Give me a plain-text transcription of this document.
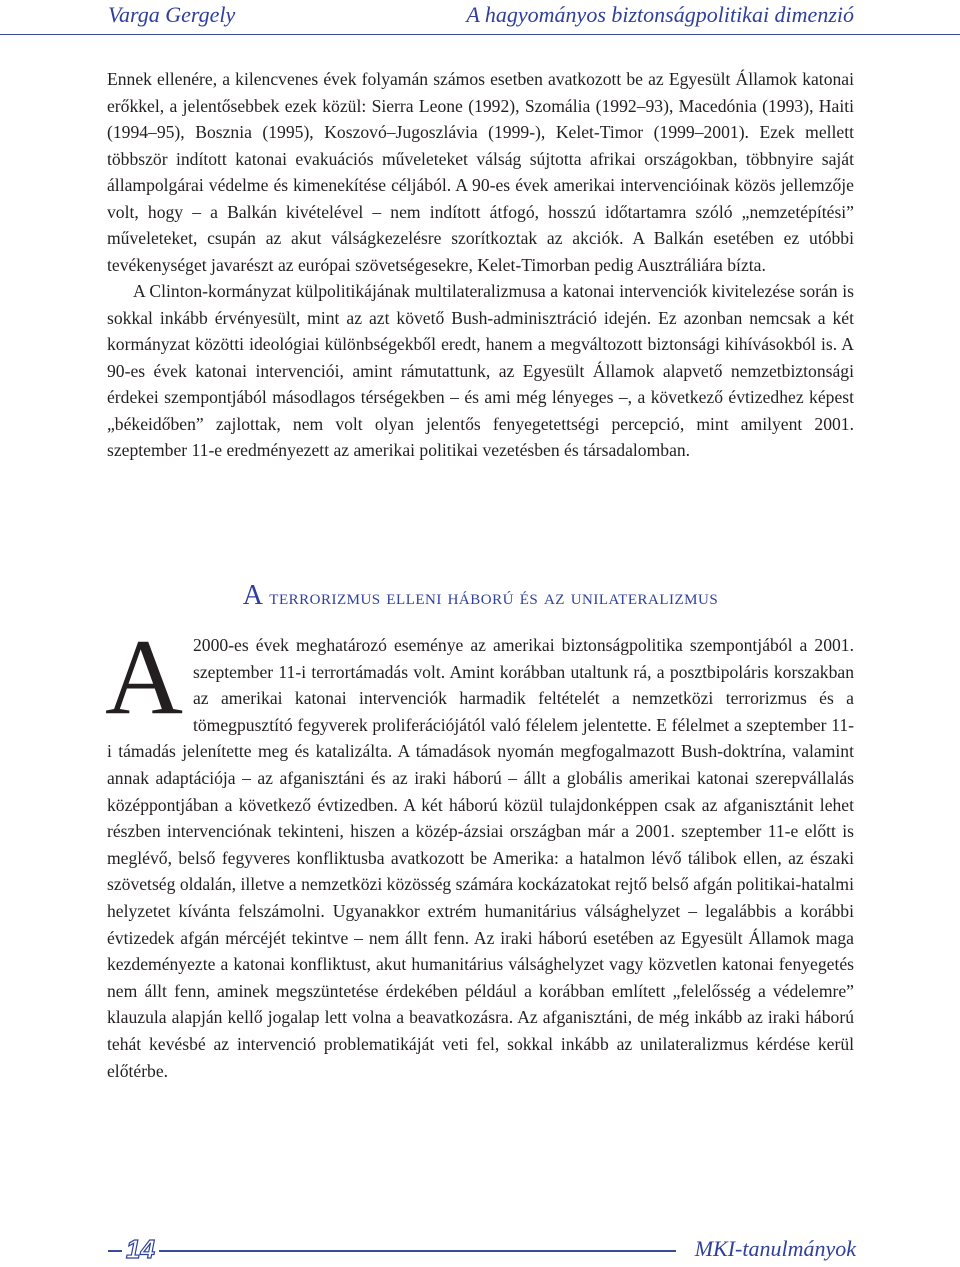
Varga Gergely	A hagyományos biztonságpolitikai dimenzió

Ennek ellenére, a kilencvenes évek folyamán számos esetben avatkozott be az Egyesült Államok katonai erőkkel, a jelentősebbek ezek közül: Sierra Leone (1992), Szomália (1992–93), Macedónia (1993), Haiti (1994–95), Bosznia (1995), Koszovó–Jugoszlávia (1999-), Kelet-Timor (1999–2001). Ezek mellett többször indított katonai evakuációs műveleteket válság sújtotta afrikai országokban, többnyire saját állampolgárai védelme és kimenekítése céljából. A 90-es évek amerikai intervencióinak közös jellemzője volt, hogy – a Balkán kivételével – nem indított átfogó, hosszú időtartamra szóló „nemzetépítési” műveleteket, csupán az akut válságkezelésre szorítkoztak az akciók. A Balkán esetében ez utóbbi tevékenységet javarészt az európai szövetségesekre, Kelet-Timorban pedig Ausztráliára bízta.

A Clinton-kormányzat külpolitikájának multilateralizmusa a katonai intervenciók kivitelezése során is sokkal inkább érvényesült, mint az azt követő Bush-adminisztráció idején. Ez azonban nemcsak a két kormányzat közötti ideológiai különbségekből eredt, hanem a megváltozott biztonsági kihívásokból is. A 90-es évek katonai intervenciói, amint rámutattunk, az Egyesült Államok alapvető nemzetbiztonsági érdekei szempontjából másodlagos térségekben – és ami még lényeges –, a következő évtizedhez képest „békeidőben” zajlottak, nem volt olyan jelentős fenyegetettségi percepció, mint amilyent 2001. szeptember 11-e eredményezett az amerikai politikai vezetésben és társadalomban.

A terrorizmus elleni háború és az unilateralizmus

A 2000-es évek meghatározó eseménye az amerikai biztonságpolitika szempontjából a 2001. szeptember 11-i terrortámadás volt. Amint korábban utaltunk rá, a posztbipoláris korszakban az amerikai katonai intervenciók harmadik feltételét a nemzetközi terrorizmus és a tömegpusztító fegyverek proliferációjától való félelem jelentette. E félelmet a szeptember 11-i támadás jelenítette meg és katalizálta. A támadások nyomán megfogalmazott Bush-doktrína, valamint annak adaptációja – az afganisztáni és az iraki háború – állt a globális amerikai katonai szerepvállalás középpontjában a következő évtizedben. A két háború közül tulajdonképpen csak az afganisztánit lehet részben intervenciónak tekinteni, hiszen a közép-ázsiai országban már a 2001. szeptember 11-e előtt is meglévő, belső fegyveres konfliktusba avatkozott be Amerika: a hatalmon lévő tálibok ellen, az északi szövetség oldalán, illetve a nemzetközi közösség számára kockázatokat rejtő belső afgán politikai-hatalmi helyzetet kívánta felszámolni. Ugyanakkor extrém humanitárius válsághelyzet – legalábbis a korábbi évtizedek afgán mércéjét tekintve – nem állt fenn. Az iraki háború esetében az Egyesült Államok maga kezdeményezte a katonai konfliktust, akut humanitárius válsághelyzet vagy közvetlen katonai fenyegetés nem állt fenn, aminek megszüntetése érdekében például a korábban említett „felelősség a védelemre” klauzula alapján kellő jogalap lett volna a beavatkozásra. Az afganisztáni, de még inkább az iraki háború tehát kevésbé az intervenció problematikáját veti fel, sokkal inkább az unilateralizmus kérdése kerül előtérbe.

14	MKI-tanulmányok
